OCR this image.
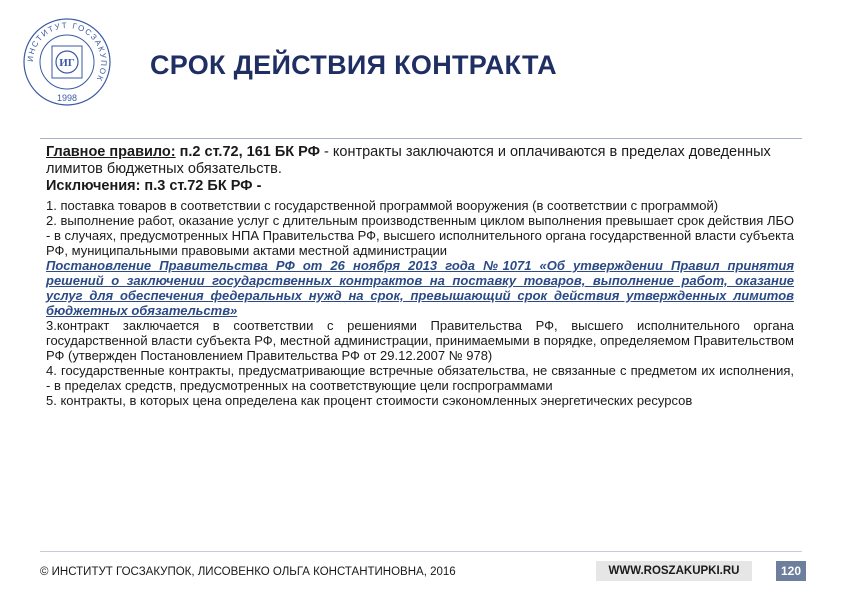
ИНСТИТУТ ГОСЗАКУПОК
ИГ
1998
СРОК ДЕЙСТВИЯ КОНТРАКТА

Главное правило: п.2 ст.72, 161 БК РФ - контракты заключаются и оплачиваются в пределах доведенных лимитов бюджетных обязательств.

Исключения: п.3 ст.72 БК РФ -

1. поставка товаров в соответствии с государственной программой вооружения (в соответствии с программой)

2. выполнение работ, оказание услуг с длительным производственным циклом выполнения превышает срок действия ЛБО - в случаях, предусмотренных НПА Правительства РФ, высшего исполнительного органа государственной власти субъекта РФ, муниципальными правовыми актами местной администрации

Постановление Правительства РФ от 26 ноября 2013 года №1071 «Об утверждении Правил принятия решений о заключении государственных контрактов на поставку товаров, выполнение работ, оказание услуг для обеспечения федеральных нужд на срок, превышающий срок действия утвержденных лимитов бюджетных обязательств»

3.контракт заключается в соответствии с решениями Правительства РФ, высшего исполнительного органа государственной власти субъекта РФ, местной администрации, принимаемыми в порядке, определяемом Правительством РФ (утвержден Постановлением Правительства РФ от 29.12.2007 № 978)

4. государственные контракты, предусматривающие встречные обязательства, не связанные с предметом их исполнения, - в пределах средств, предусмотренных на соответствующие цели госпрограммами

5. контракты, в которых цена определена как процент стоимости сэкономленных энергетических ресурсов

© ИНСТИТУТ ГОСЗАКУПОК, ЛИСОВЕНКО ОЛЬГА КОНСТАНТИНОВНА, 2016	WWW.ROSZAKUPKI.RU	120
